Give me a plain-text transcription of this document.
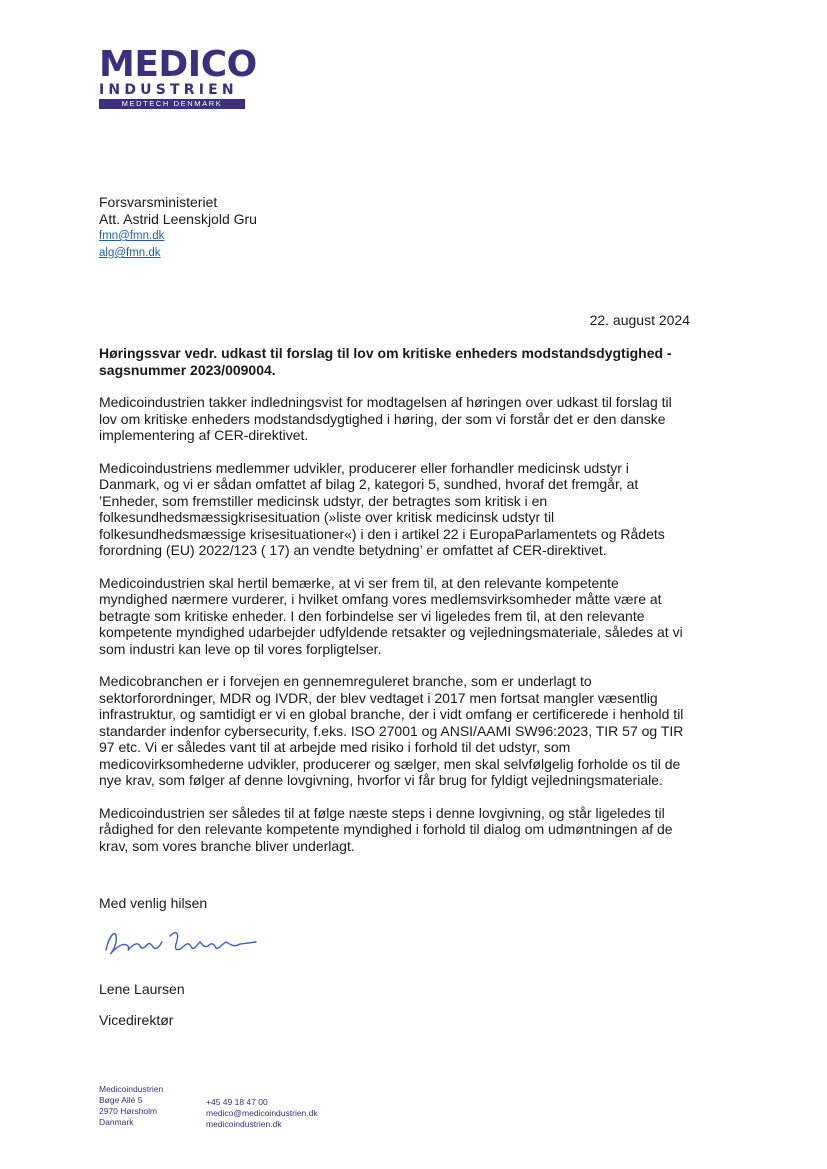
MEDICO
INDUSTRIEN
MEDTECH DENMARK
Forsvarsministeriet
Att. Astrid Leenskjold Gru
fmn@fmn.dk
alg@fmn.dk
22. august 2024
Høringssvar vedr. udkast til forslag til lov om kritiske enheders modstandsdygtighed - sagsnummer 2023/009004.

Medicoindustrien takker indledningsvist for modtagelsen af høringen over udkast til forslag til lov om kritiske enheders modstandsdygtighed i høring, der som vi forstår det er den danske implementering af CER-direktivet.

Medicoindustriens medlemmer udvikler, producerer eller forhandler medicinsk udstyr i Danmark, og vi er sådan omfattet af bilag 2, kategori 5, sundhed, hvoraf det fremgår, at ’Enheder, som fremstiller medicinsk udstyr, der betragtes som kritisk i en folkesundhedsmæssigkrisesituation (»liste over kritisk medicinsk udstyr til folkesundhedsmæssige krisesituationer«) i den i artikel 22 i EuropaParlamentets og Rådets forordning (EU) 2022/123 ( 17) an vendte betydning’ er omfattet af CER-direktivet.

Medicoindustrien skal hertil bemærke, at vi ser frem til, at den relevante kompetente myndighed nærmere vurderer, i hvilket omfang vores medlemsvirksomheder måtte være at betragte som kritiske enheder. I den forbindelse ser vi ligeledes frem til, at den relevante kompetente myndighed udarbejder udfyldende retsakter og vejledningsmateriale, således at vi som industri kan leve op til vores forpligtelser.

Medicobranchen er i forvejen en gennemreguleret branche, som er underlagt to sektorforordninger, MDR og IVDR, der blev vedtaget i 2017 men fortsat mangler væsentlig infrastruktur, og samtidigt er vi en global branche, der i vidt omfang er certificerede i henhold til standarder indenfor cybersecurity, f.eks. ISO 27001 og ANSI/AAMI SW96:2023, TIR 57 og TIR 97 etc. Vi er således vant til at arbejde med risiko i forhold til det udstyr, som medicovirksomhederne udvikler, producerer og sælger, men skal selvfølgelig forholde os til de nye krav, som følger af denne lovgivning, hvorfor vi får brug for fyldigt vejledningsmateriale.

Medicoindustrien ser således til at følge næste steps i denne lovgivning, og står ligeledes til rådighed for den relevante kompetente myndighed i forhold til dialog om udmøntningen af de krav, som vores branche bliver underlagt.

Med venlig hilsen
Lene Laursen
Vicedirektør
Medicoindustrien
Bøge Allé 5
2970 Hørsholm
Danmark
+45 49 18 47 00
medico@medicoindustrien.dk
medicoindustrien.dk
